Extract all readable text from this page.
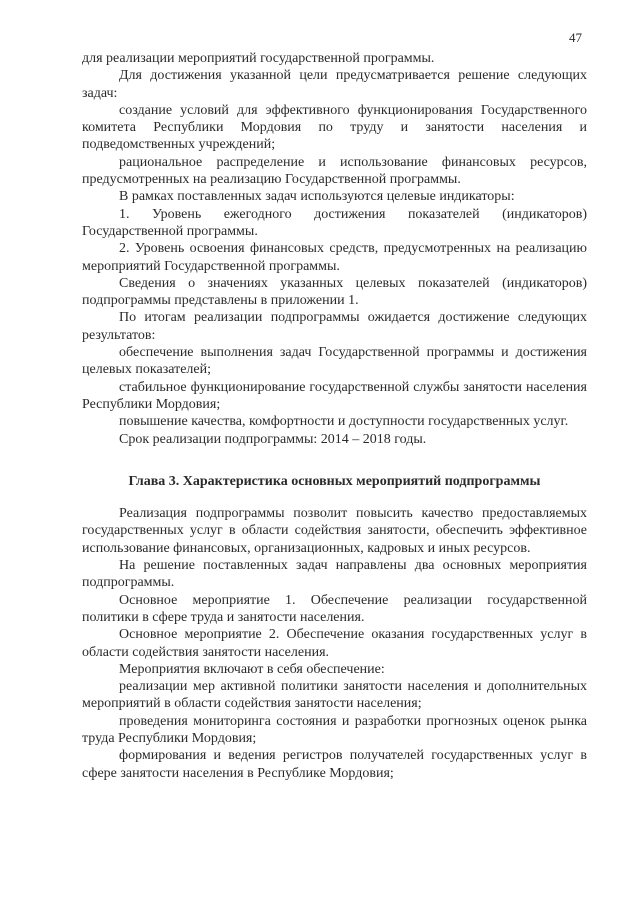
47

для реализации мероприятий государственной программы.

Для достижения указанной цели предусматривается решение следующих задач:

создание условий для эффективного функционирования Государственного комитета Республики Мордовия по труду и занятости населения и подведомственных учреждений;

рациональное распределение и использование финансовых ресурсов, предусмотренных на реализацию Государственной программы.

В рамках поставленных задач используются целевые индикаторы:

1. Уровень ежегодного достижения показателей (индикаторов) Государственной программы.

2. Уровень освоения финансовых средств, предусмотренных на реализацию мероприятий Государственной программы.

Сведения о значениях указанных целевых показателей (индикаторов) подпрограммы представлены в приложении 1.

По итогам реализации подпрограммы ожидается достижение следующих результатов:

обеспечение выполнения задач Государственной программы и достижения целевых показателей;

стабильное функционирование государственной службы занятости населения Республики Мордовия;

повышение качества, комфортности и доступности государственных услуг.

Срок реализации подпрограммы: 2014 – 2018 годы.

Глава 3. Характеристика основных мероприятий подпрограммы

Реализация подпрограммы позволит повысить качество предоставляемых государственных услуг в области содействия занятости, обеспечить эффективное использование финансовых, организационных, кадровых и иных ресурсов.

На решение поставленных задач направлены два основных мероприятия подпрограммы.

Основное мероприятие 1. Обеспечение реализации государственной политики в сфере труда и занятости населения.

Основное мероприятие 2. Обеспечение оказания государственных услуг в области содействия занятости населения.

Мероприятия включают в себя обеспечение:

реализации мер активной политики занятости населения и дополнительных мероприятий в области содействия занятости населения;

проведения мониторинга состояния и разработки прогнозных оценок рынка труда Республики Мордовия;

формирования и ведения регистров получателей государственных услуг в сфере занятости населения в Республике Мордовия;
